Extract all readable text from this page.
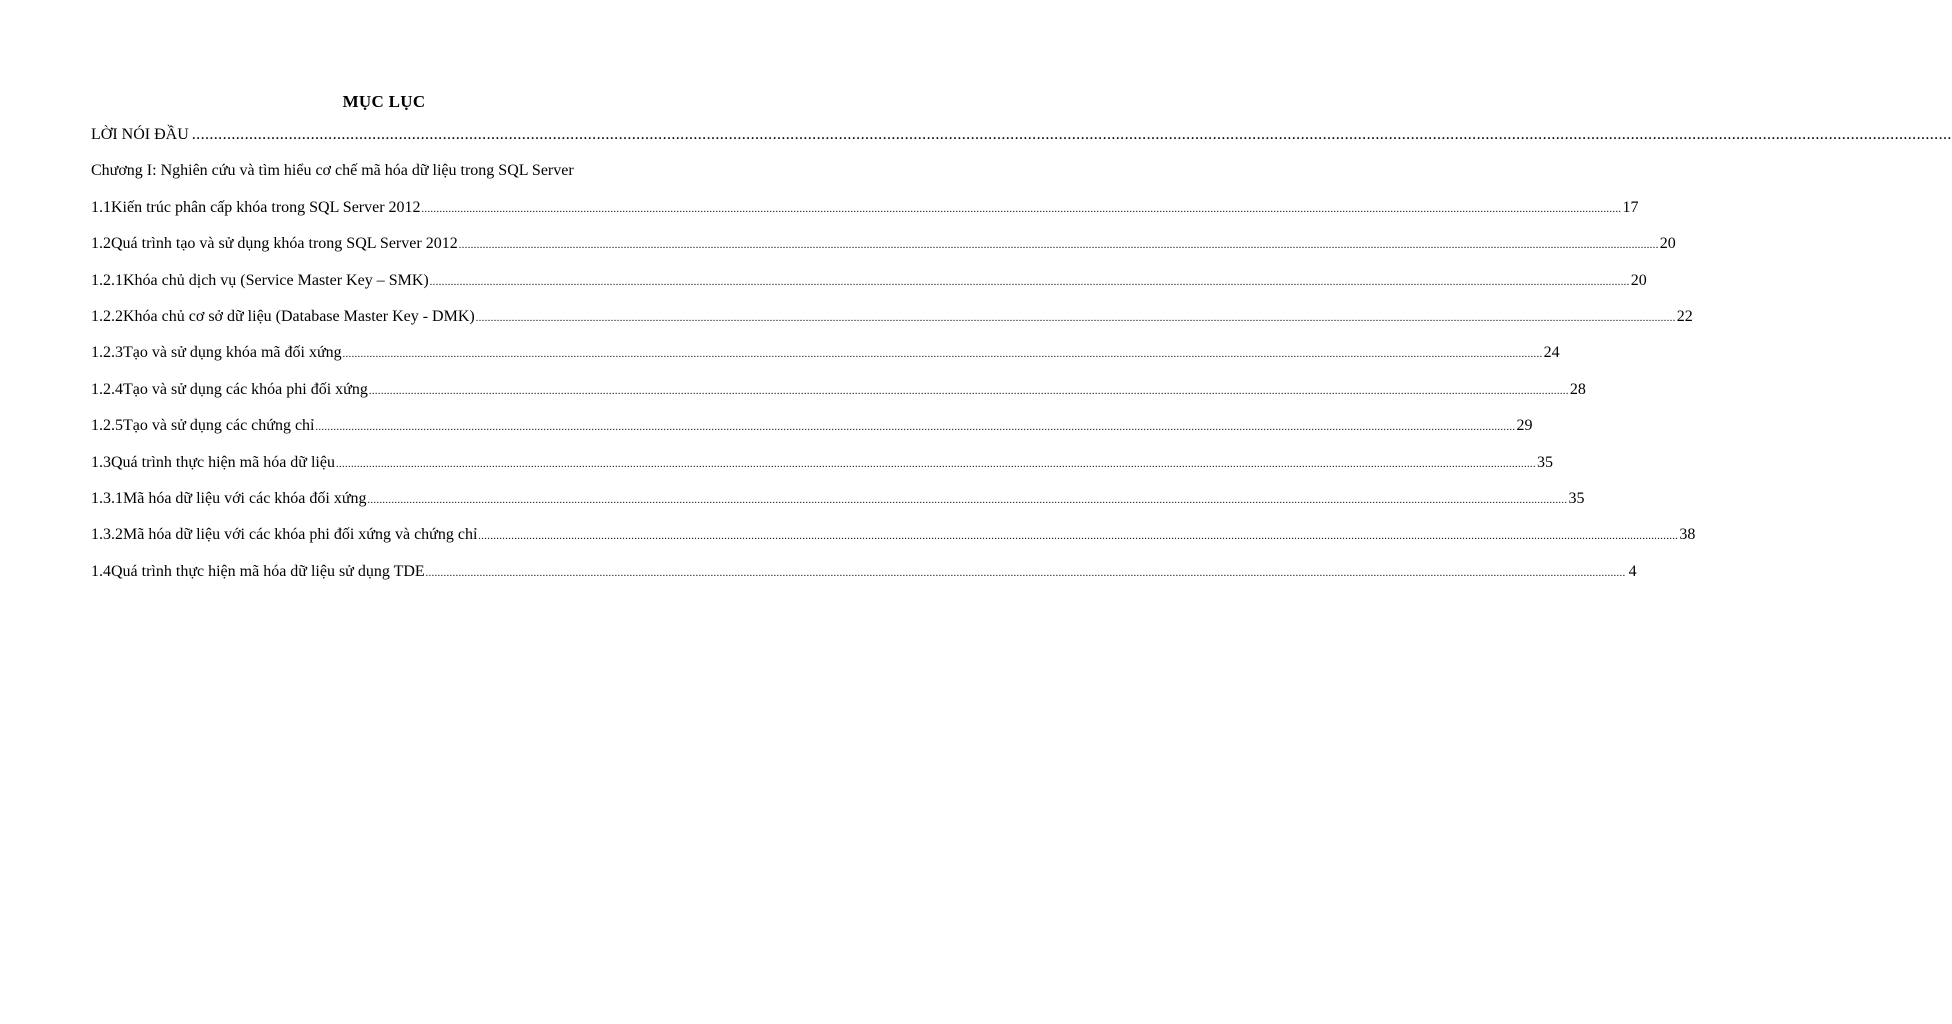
MỤC LỤC
LỜI NÓI ĐẦU ................................................................................................................................................................................................................................................................................................................................................................................................................
Chương I: Nghiên cứu và tìm hiểu cơ chế mã hóa dữ liệu trong SQL Server
1.1Kiến trúc phân cấp khóa trong SQL Server 2012 ................................................................................................................................................................................................................................................................................................................................................................................................................ 17
1.2Quá trình tạo và sử dụng khóa trong SQL Server 2012 ................................................................................................................................................................................................................................................................................................................................................................................................................ 20
1.2.1Khóa chủ dịch vụ (Service Master Key – SMK) ................................................................................................................................................................................................................................................................................................................................................................................................................ 20
1.2.2Khóa chủ cơ sở dữ liệu (Database Master Key - DMK) ................................................................................................................................................................................................................................................................................................................................................................................................................ 22
1.2.3Tạo và sử dụng khóa mã đối xứng ................................................................................................................................................................................................................................................................................................................................................................................................................ 24
1.2.4Tạo và sử dụng các khóa phi đối xứng ................................................................................................................................................................................................................................................................................................................................................................................................................ 28
1.2.5Tạo và sử dụng các chứng chỉ ................................................................................................................................................................................................................................................................................................................................................................................................................ 29
1.3Quá trình thực hiện mã hóa dữ liệu ................................................................................................................................................................................................................................................................................................................................................................................................................ 35
1.3.1Mã hóa dữ liệu với các khóa đối xứng ................................................................................................................................................................................................................................................................................................................................................................................................................ 35
1.3.2Mã hóa dữ liệu với các khóa phi đối xứng và chứng chỉ ................................................................................................................................................................................................................................................................................................................................................................................................................ 38
1.4Quá trình thực hiện mã hóa dữ liệu sử dụng TDE ................................................................................................................................................................................................................................................................................................................................................................................................................ 4
